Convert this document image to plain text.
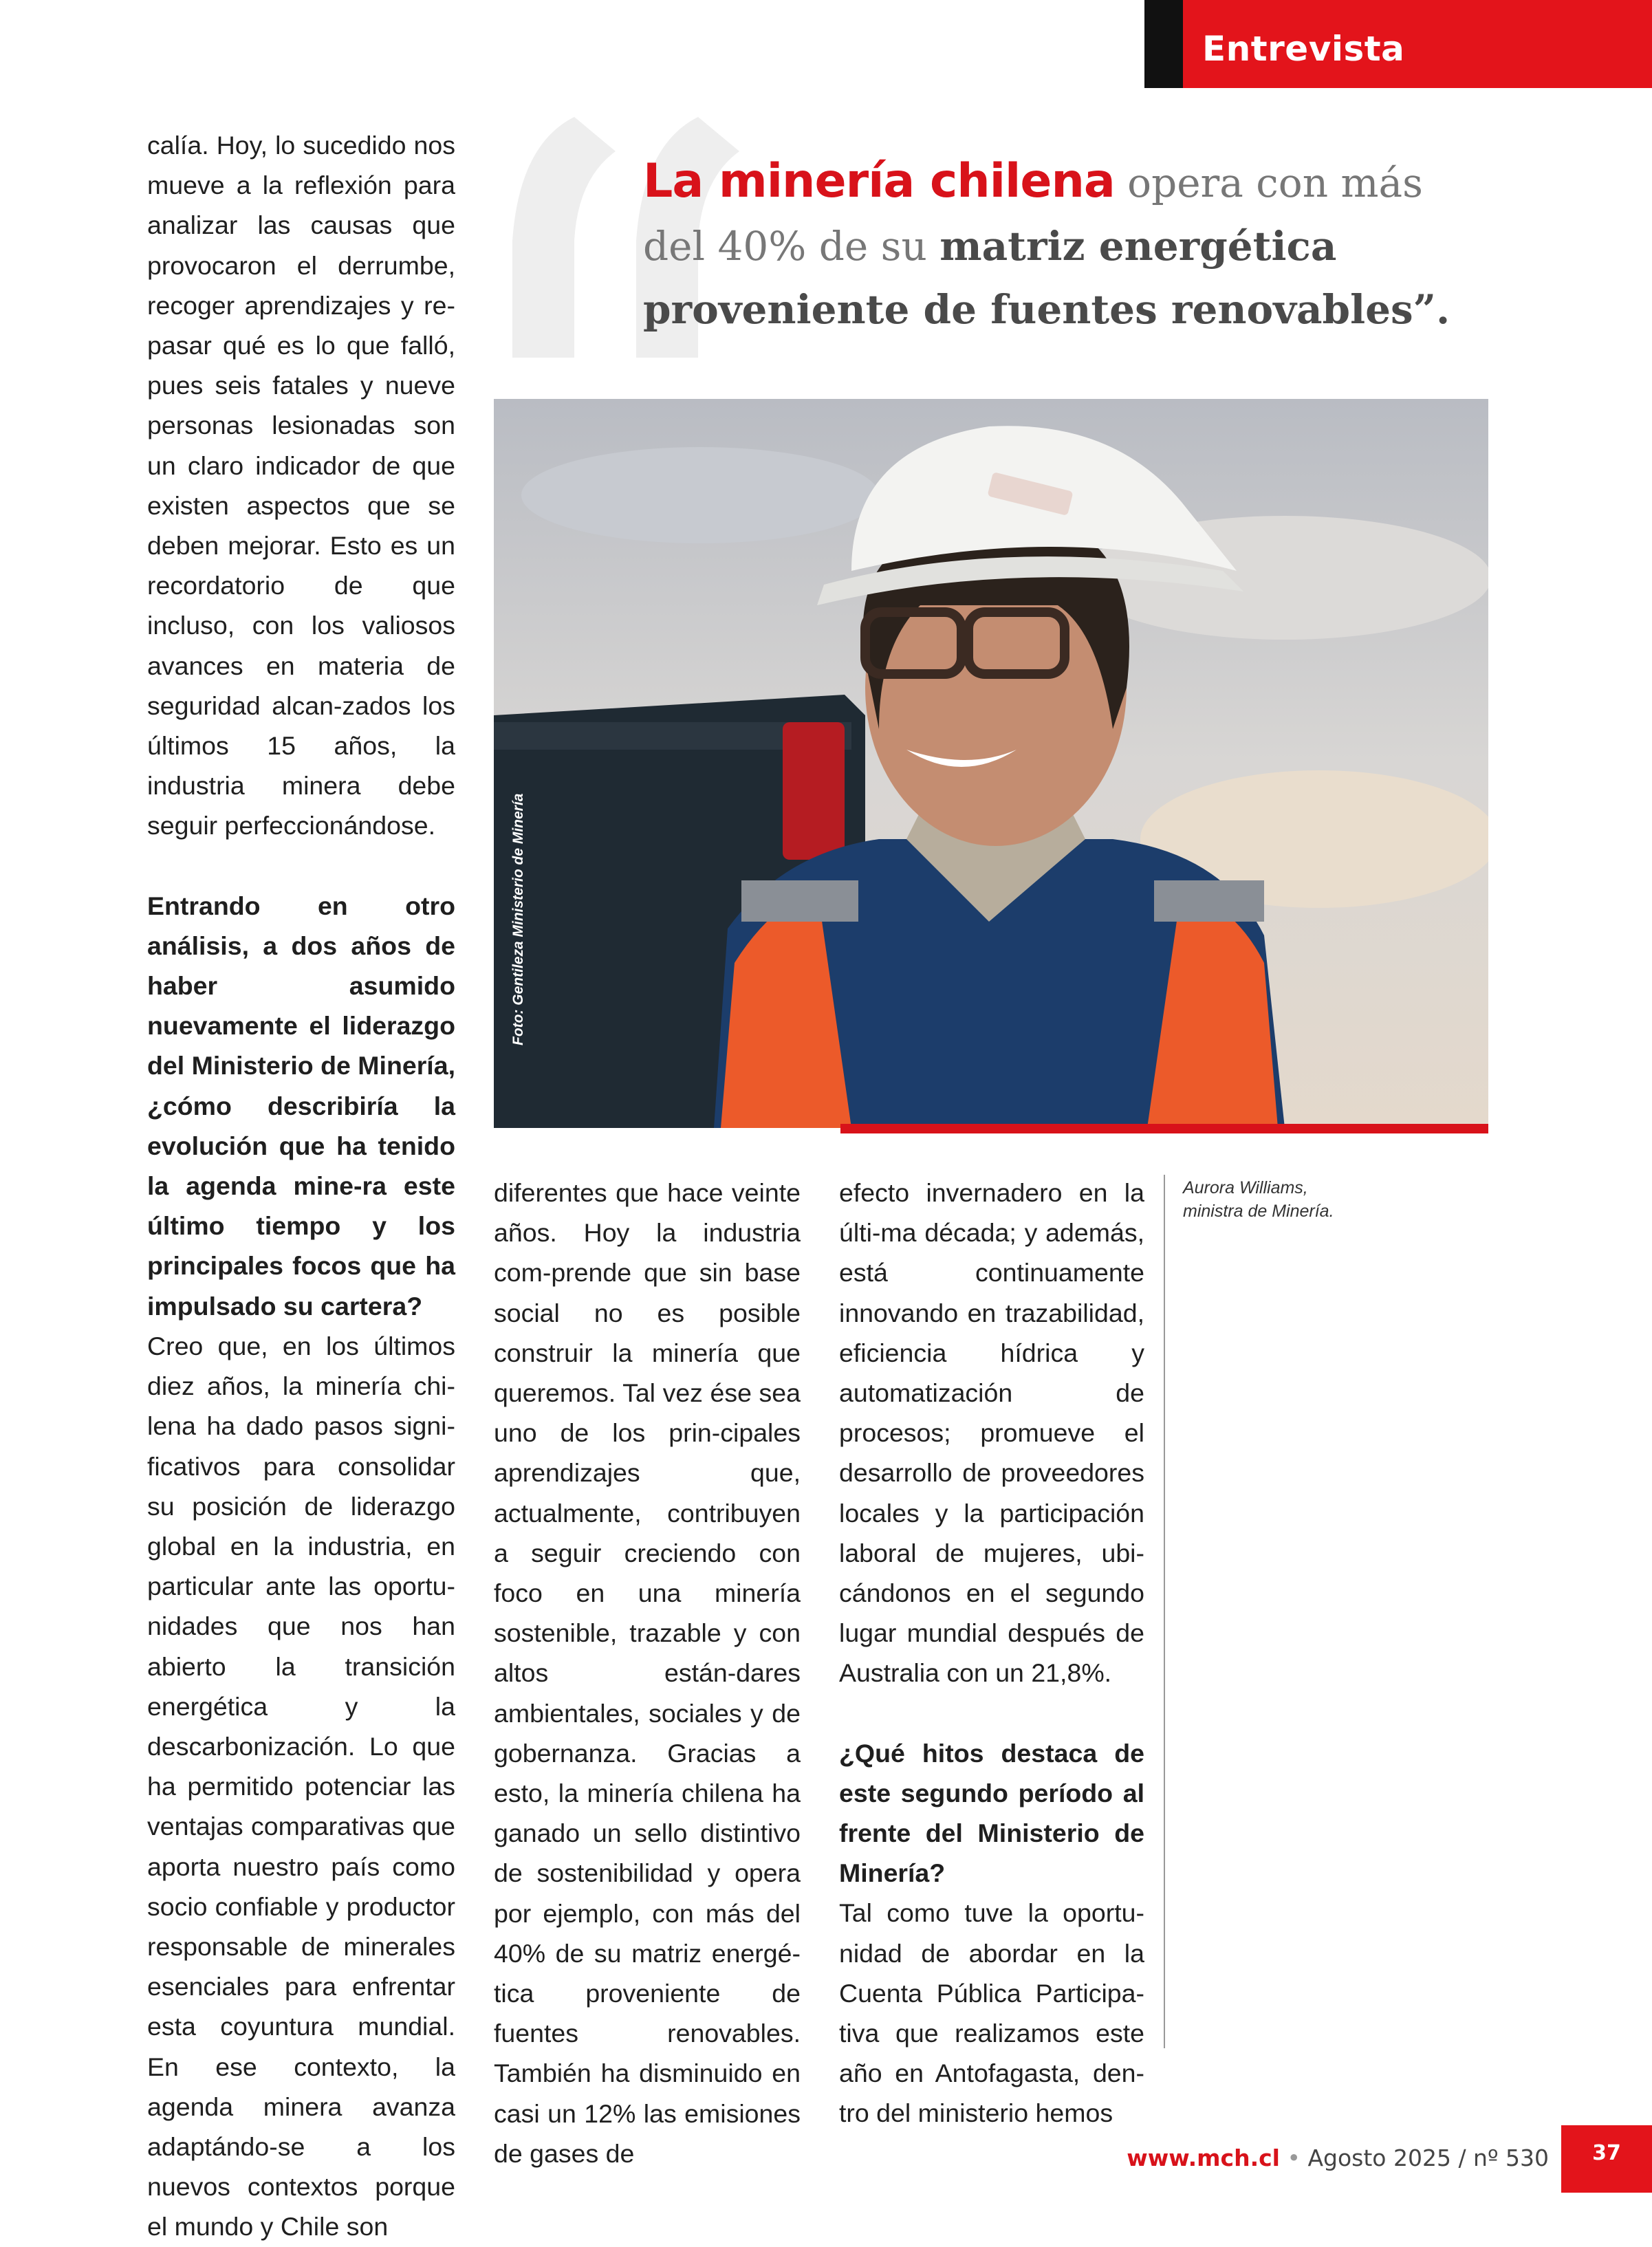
Entrevista

calía. Hoy, lo sucedido nos mueve a la reflexión para analizar las causas que provocaron el derrumbe, recoger aprendizajes y re-pasar qué es lo que falló, pues seis fatales y nueve personas lesionadas son un claro indicador de que existen aspectos que se deben mejorar. Esto es un recordatorio de que incluso, con los valiosos avances en materia de seguridad alcan-zados los últimos 15 años, la industria minera debe seguir perfeccionándose.

Entrando en otro análisis, a dos años de haber asumido nuevamente el liderazgo del Ministerio de Minería, ¿cómo describiría la evolución que ha tenido la agenda mine-ra este último tiempo y los principales focos que ha impulsado su cartera?

Creo que, en los últimos diez años, la minería chi-lena ha dado pasos signi-ficativos para consolidar su posición de liderazgo global en la industria, en particular ante las oportu-nidades que nos han abierto la transición energética y la descarbonización. Lo que ha permitido potenciar las ventajas comparativas que aporta nuestro país como socio confiable y productor responsable de minerales esenciales para enfrentar esta coyuntura mundial. En ese contexto, la agenda minera avanza adaptándo-se a los nuevos contextos porque el mundo y Chile son

La minería chilena opera con más del 40% de su matriz energética proveniente de fuentes renovables”.
Foto: Gentileza Ministerio de Minería

diferentes que hace veinte años. Hoy la industria com-prende que sin base social no es posible construir la minería que queremos. Tal vez ése sea uno de los prin-cipales aprendizajes que, actualmente, contribuyen a seguir creciendo con foco en una minería sostenible, trazable y con altos están-dares ambientales, sociales y de gobernanza. Gracias a esto, la minería chilena ha ganado un sello distintivo de sostenibilidad y opera por ejemplo, con más del 40% de su matriz energé-tica proveniente de fuentes renovables. También ha disminuido en casi un 12% las emisiones de gases de

efecto invernadero en la últi-ma década; y además, está continuamente innovando en trazabilidad, eficiencia hídrica y automatización de procesos; promueve el desarrollo de proveedores locales y la participación laboral de mujeres, ubi-cándonos en el segundo lugar mundial después de Australia con un 21,8%.

¿Qué hitos destaca de este segundo período al frente del Ministerio de Minería?

Tal como tuve la oportu-nidad de abordar en la Cuenta Pública Participa-tiva que realizamos este año en Antofagasta, den-tro del ministerio hemos

Aurora Williams,

ministra de Minería.

www.mch.cl • Agosto 2025 / nº 530	37
